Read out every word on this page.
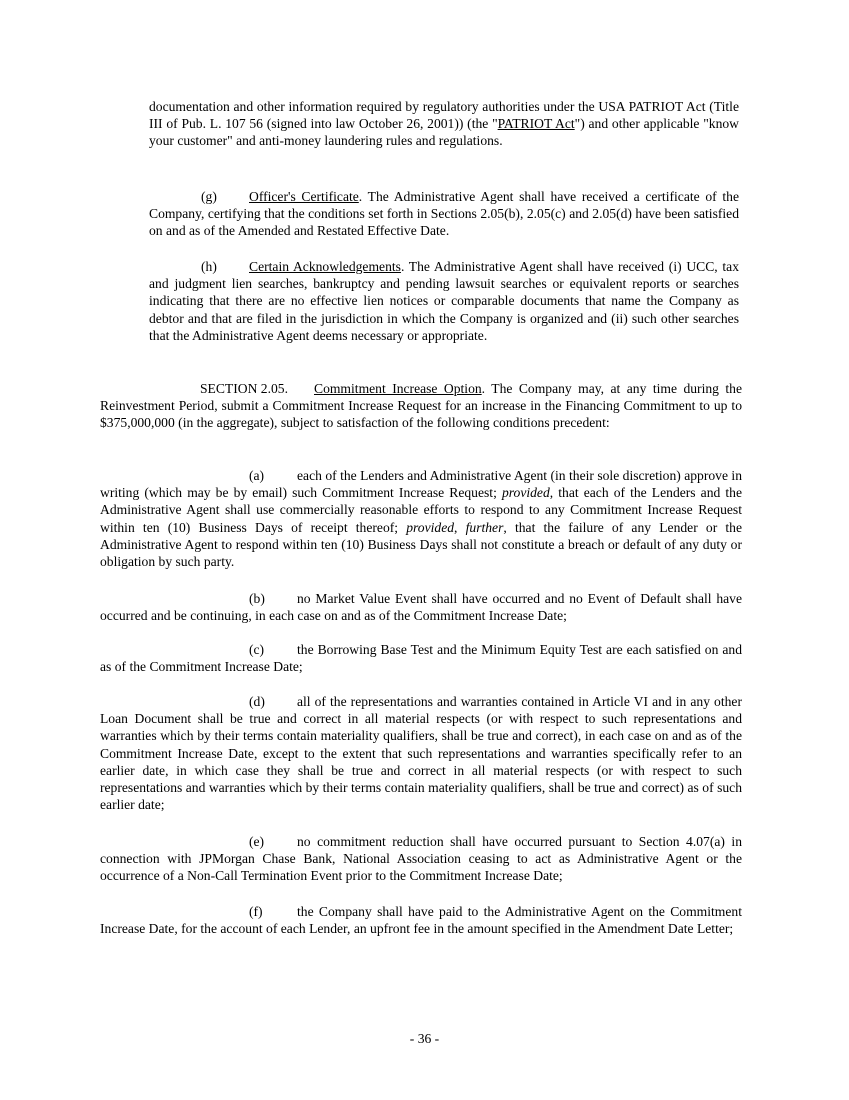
documentation and other information required by regulatory authorities under the USA PATRIOT Act (Title III of Pub. L. 107 56 (signed into law October 26, 2001)) (the "PATRIOT Act") and other applicable "know your customer" and anti-money laundering rules and regulations.

(g) Officer's Certificate. The Administrative Agent shall have received a certificate of the Company, certifying that the conditions set forth in Sections 2.05(b), 2.05(c) and 2.05(d) have been satisfied on and as of the Amended and Restated Effective Date.

(h) Certain Acknowledgements. The Administrative Agent shall have received (i) UCC, tax and judgment lien searches, bankruptcy and pending lawsuit searches or equivalent reports or searches indicating that there are no effective lien notices or comparable documents that name the Company as debtor and that are filed in the jurisdiction in which the Company is organized and (ii) such other searches that the Administrative Agent deems necessary or appropriate.

SECTION 2.05. Commitment Increase Option. The Company may, at any time during the Reinvestment Period, submit a Commitment Increase Request for an increase in the Financing Commitment to up to $375,000,000 (in the aggregate), subject to satisfaction of the following conditions precedent:

(a) each of the Lenders and Administrative Agent (in their sole discretion) approve in writing (which may be by email) such Commitment Increase Request; provided, that each of the Lenders and the Administrative Agent shall use commercially reasonable efforts to respond to any Commitment Increase Request within ten (10) Business Days of receipt thereof; provided, further, that the failure of any Lender or the Administrative Agent to respond within ten (10) Business Days shall not constitute a breach or default of any duty or obligation by such party.

(b) no Market Value Event shall have occurred and no Event of Default shall have occurred and be continuing, in each case on and as of the Commitment Increase Date;

(c) the Borrowing Base Test and the Minimum Equity Test are each satisfied on and as of the Commitment Increase Date;

(d) all of the representations and warranties contained in Article VI and in any other Loan Document shall be true and correct in all material respects (or with respect to such representations and warranties which by their terms contain materiality qualifiers, shall be true and correct), in each case on and as of the Commitment Increase Date, except to the extent that such representations and warranties specifically refer to an earlier date, in which case they shall be true and correct in all material respects (or with respect to such representations and warranties which by their terms contain materiality qualifiers, shall be true and correct) as of such earlier date;

(e) no commitment reduction shall have occurred pursuant to Section 4.07(a) in connection with JPMorgan Chase Bank, National Association ceasing to act as Administrative Agent or the occurrence of a Non-Call Termination Event prior to the Commitment Increase Date;

(f)	the Company shall have paid to the Administrative Agent on the Commitment Increase Date, for the account of each Lender, an upfront fee in the amount specified in the Amendment Date Letter;

- 36 -
